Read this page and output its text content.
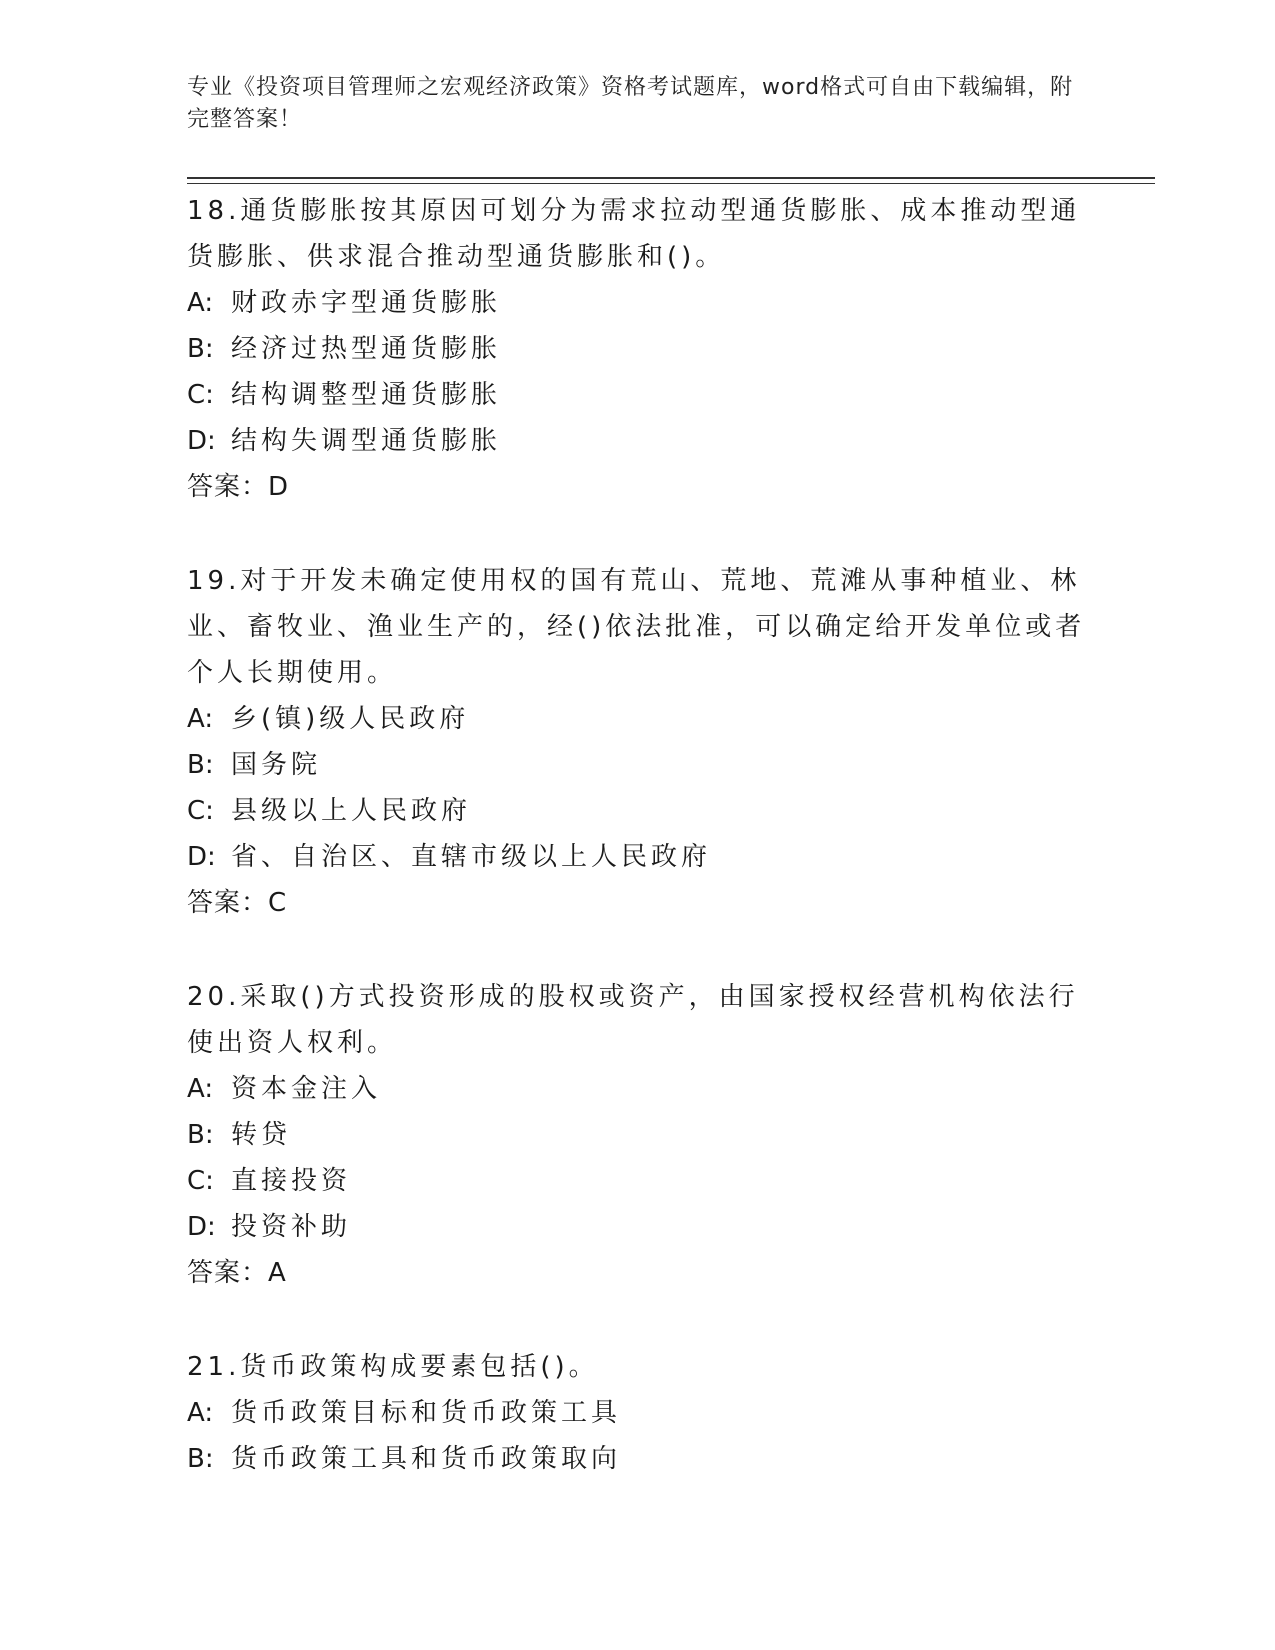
专业《投资项目管理师之宏观经济政策》资格考试题库，word格式可自由下载编辑，附完整答案！

18.通货膨胀按其原因可划分为需求拉动型通货膨胀、成本推动型通货膨胀、供求混合推动型通货膨胀和()。

A: 财政赤字型通货膨胀

B: 经济过热型通货膨胀

C: 结构调整型通货膨胀

D: 结构失调型通货膨胀

答案：D

19.对于开发未确定使用权的国有荒山、荒地、荒滩从事种植业、林业、畜牧业、渔业生产的，经()依法批准，可以确定给开发单位或者个人长期使用。

A: 乡(镇)级人民政府

B: 国务院

C: 县级以上人民政府

D: 省、自治区、直辖市级以上人民政府

答案：C

20.采取()方式投资形成的股权或资产，由国家授权经营机构依法行使出资人权利。

A: 资本金注入

B: 转贷

C: 直接投资

D: 投资补助

答案：A

21.货币政策构成要素包括()。

A: 货币政策目标和货币政策工具

B: 货币政策工具和货币政策取向
